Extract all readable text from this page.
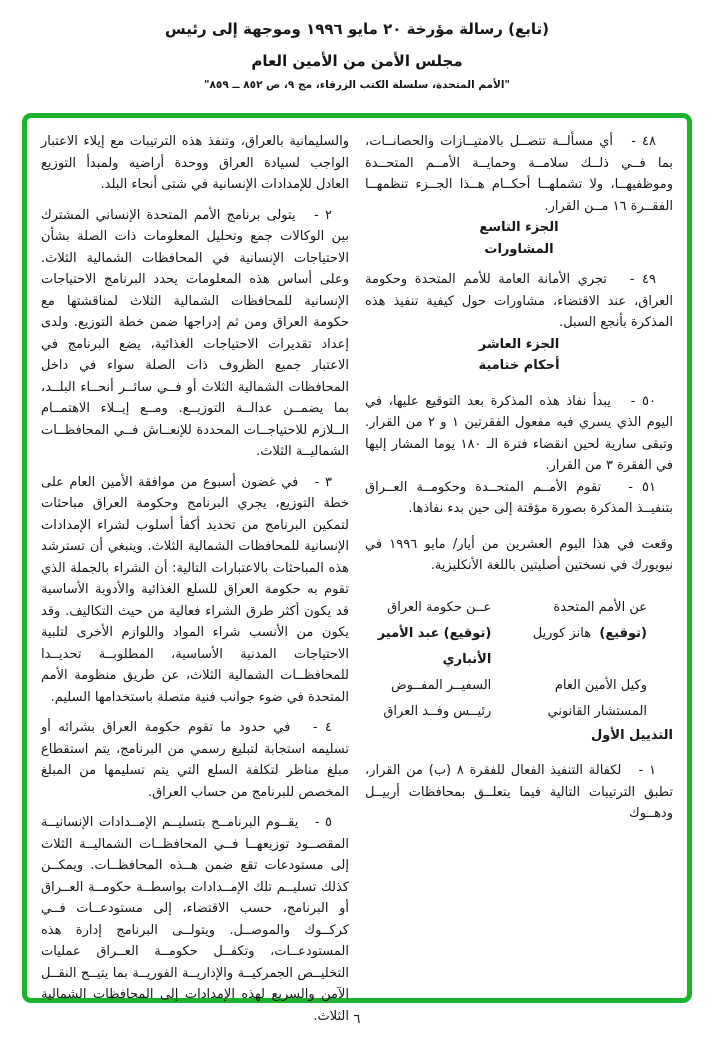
(تابع) رسالة مؤرخة ٢٠ مايو ١٩٩٦ وموجهة إلى رئيس

مجلس الأمن من الأمين العام

"الأمم المتحدة، سلسلة الكتب الزرقاء، مج ٩، ص ٨٥٢ ــ ٨٥٩"

٤٨ -   أي مسألــة تتصــل بالامتيــازات والحصانــات، بما فــي ذلــك سلامــة وحمايــة الأمــم المتحــدة وموظفيهــا، ولا تشملهــا أحكــام هــذا الجــزء تنظمهــا الفقــرة ١٦ مــن القرار.

الجزء التاسع

المشاورات

٤٩ -   تجري الأمانة العامة للأمم المتحدة وحكومة العراق، عند الاقتضاء، مشاورات حول كيفية تنفيذ هذه المذكرة بأنجع السبل.

الجزء العاشر

أحكام ختامية

٥٠ -   يبدأ نفاذ هذه المذكرة بعد التوقيع عليها، في اليوم الذي يسري فيه مفعول الفقرتين ١ و ٢ من القرار. وتبقى سارية لحين انقضاء فترة الـ ١٨٠ يوما المشار إليها في الفقرة ٣ من القرار.

٥١ -   تقوم الأمــم المتحــدة وحكومــة العــراق بتنفيــذ المذكرة بصورة مؤقتة إلى حين بدء نفاذها.

وقعت في هذا اليوم العشرين من أيار/ مايو ١٩٩٦ في نيويورك في نسختين أصليتين باللغة الأنكليزية.

عن الأمم المتحدة
عــن حكومة العراق
(توقيع)  هانز كوريل
(توقيع) عبد الأمير الأنباري
وكيل الأمين العام
السفيــر المفــوض
المستشار القانوني
رئيــس وفــد العراق

التذييل الأول

١ -   لكفالة التنفيذ الفعال للفقرة ٨ (ب) من القرار، تطبق الترتيبات التالية فيما يتعلــق بمحافظات أربيــل ودهــوك

والسليمانية بالعراق، وتنفذ هذه الترتيبات مع إيلاء الاعتبار الواجب لسيادة العراق ووحدة أراضيه ولمبدأ التوزيع العادل للإمدادات الإنسانية في شتى أنحاء البلد.

٢ -   يتولى برنامج الأمم المتحدة الإنساني المشترك بين الوكالات جمع وتحليل المعلومات ذات الصلة بشأن الاحتياجات الإنسانية في المحافظات الشمالية الثلاث. وعلى أساس هذه المعلومات يحدد البرنامج الاحتياجات الإنسانية للمحافظات الشمالية الثلاث لمناقشتها مع حكومة العراق ومن ثم إدراجها ضمن خطة التوزيع. ولدى إعداد تقديرات الاحتياجات الغذائية، يضع البرنامج في الاعتبار جميع الظروف ذات الصلة سواء في داخل المحافظات الشمالية الثلاث أو فــي سائــر أنحــاء البلــد، بما يضمــن عدالــة التوزيــع. ومــع إيــلاء الاهتمــام الــلازم للاحتياجــات المحددة للإنعــاش فــي المحافظــات الشماليــة الثلاث.

٣ -   في غضون أسبوع من موافقة الأمين العام على خطة التوزيع، يجري البرنامج وحكومة العراق مباحثات لتمكين البرنامج من تحديد أكفأ أسلوب لشراء الإمدادات الإنسانية للمحافظات الشمالية الثلاث. وينبغي أن تسترشد هذه المباحثات بالاعتبارات التالية: أن الشراء بالجملة الذي تقوم به حكومة العراق للسلع الغذائية والأدوية الأساسية قد يكون أكثر طرق الشراء فعالية من حيث التكاليف. وقد يكون من الأنسب شراء المواد واللوازم الأخرى لتلبية الاحتياجات المدنية الأساسية، المطلوبــة تحديــدا للمحافظــات الشمالية الثلاث، عن طريق منظومة الأمم المتحدة في ضوء جوانب فنية متصلة باستخدامها السليم.

٤ -   في حدود ما تقوم حكومة العراق بشرائه أو تسليمه استجابة لتبليغ رسمي من البرنامج، يتم استقطاع مبلغ مناظر لتكلفة السلع التي يتم تسليمها من المبلغ المخصص للبرنامج من حساب العراق.

٥ -   يقــوم البرنامــج بتسليــم الإمــدادات الإنسانيــة المقصــود توزيعهــا فــي المحافظــات الشماليــة الثلاث إلى مستودعات تقع ضمن هــذه المحافظــات. ويمكــن كذلك تسليــم تلك الإمــدادات بواسطــة حكومــة العــراق أو البرنامج، حسب الاقتضاء، إلى مستودعــات فــي كركــوك والموصــل. ويتولــى البرنامج إدارة هذه المستودعــات، وتكفــل حكومــة العــراق عمليات التخليــص الجمركيــة والإداريــة الفوريــة بما يتيــح النقــل الآمن والسريع لهذه الإمدادات إلى المحافظات الشمالية الثلاث. ٦
